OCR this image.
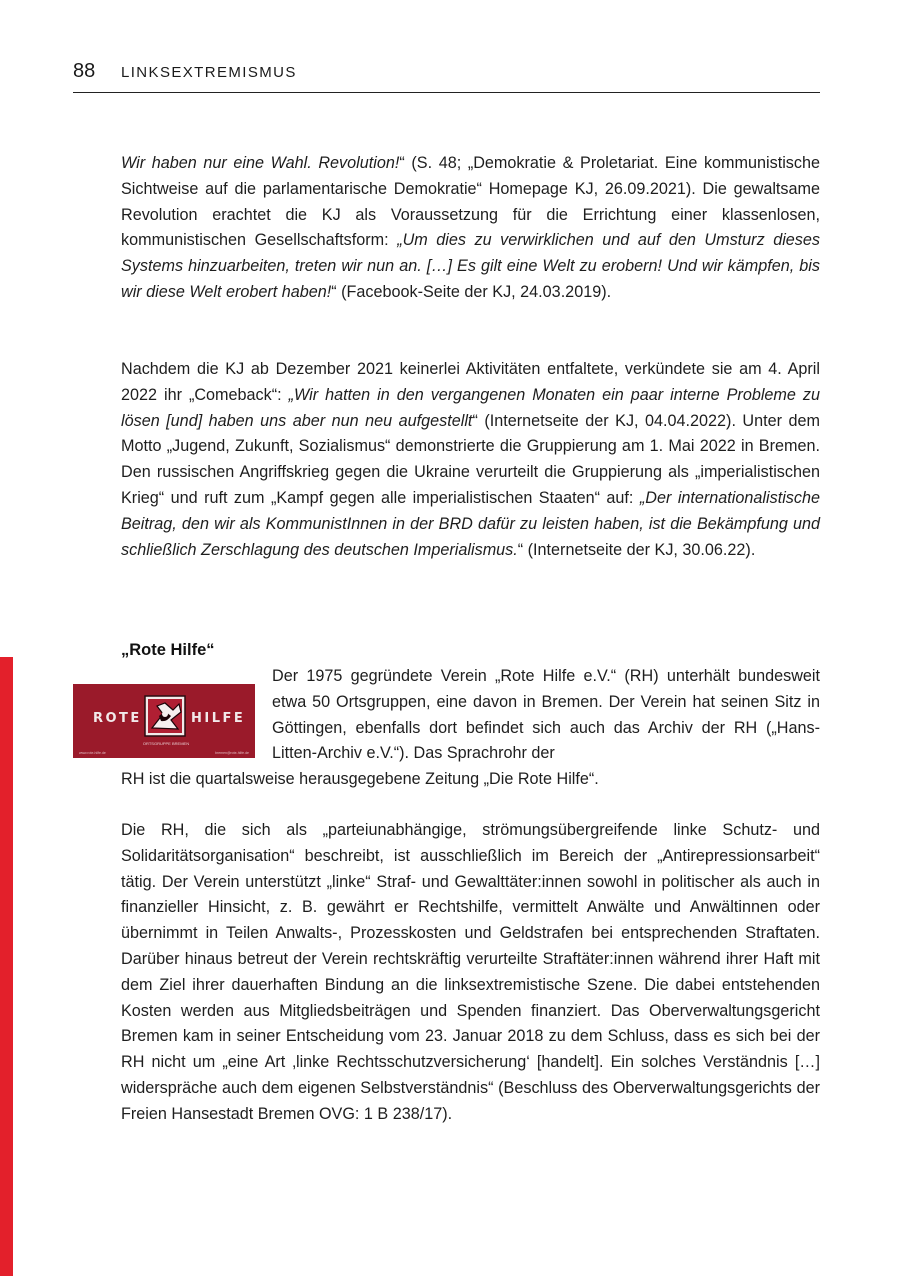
88 LINKSEXTREMISMUS

Wir haben nur eine Wahl. Revolution!“ (S. 48; „Demokratie & Proletariat. Eine kommunistische Sichtweise auf die parlamentarische Demokratie“ Homepage KJ, 26.09.2021). Die gewaltsame Revolution erachtet die KJ als Voraussetzung für die Errichtung einer klassenlosen, kommunistischen Gesellschaftsform: „Um dies zu verwirklichen und auf den Umsturz dieses Systems hinzuarbeiten, treten wir nun an. […] Es gilt eine Welt zu erobern! Und wir kämpfen, bis wir diese Welt erobert haben!“ (Facebook-Seite der KJ, 24.03.2019).

Nachdem die KJ ab Dezember 2021 keinerlei Aktivitäten entfaltete, verkündete sie am 4. April 2022 ihr „Comeback“: „Wir hatten in den vergangenen Monaten ein paar interne Probleme zu lösen [und] haben uns aber nun neu aufgestellt“ (Internetseite der KJ, 04.04.2022). Unter dem Motto „Jugend, Zukunft, Sozialismus“ demonstrierte die Gruppierung am 1. Mai 2022 in Bremen. Den russischen Angriffskrieg gegen die Ukraine verurteilt die Gruppierung als „imperialistischen Krieg“ und ruft zum „Kampf gegen alle imperialistischen Staaten“ auf: „Der internationalistische Beitrag, den wir als KommunistInnen in der BRD dafür zu leisten haben, ist die Bekämpfung und schließlich Zerschlagung des deutschen Imperialismus.“ (Internetseite der KJ, 30.06.22).

„Rote Hilfe“
ROTE	HILFE
ORTSGRUPPE BREMEN
www.rote-hilfe.de	bremen@rote-hilfe.de

Der 1975 gegründete Verein „Rote Hilfe e.V.“ (RH) unterhält bundesweit etwa 50 Ortsgruppen, eine davon in Bremen. Der Verein hat seinen Sitz in Göttingen, ebenfalls dort befindet sich auch das Archiv der RH („Hans-Litten-Archiv e.V.“). Das Sprachrohr der

RH ist die quartalsweise herausgegebene Zeitung „Die Rote Hilfe“.

Die RH, die sich als „parteiunabhängige, strömungsübergreifende linke Schutz- und Solidaritätsorganisation“ beschreibt, ist ausschließlich im Bereich der „Antirepressionsarbeit“ tätig. Der Verein unterstützt „linke“ Straf- und Gewalttäter:innen sowohl in politischer als auch in finanzieller Hinsicht, z. B. gewährt er Rechtshilfe, vermittelt Anwälte und Anwältinnen oder übernimmt in Teilen Anwalts-, Prozesskosten und Geldstrafen bei entsprechenden Straftaten. Darüber hinaus betreut der Verein rechtskräftig verurteilte Straftäter:innen während ihrer Haft mit dem Ziel ihrer dauerhaften Bindung an die linksextremistische Szene. Die dabei entstehenden Kosten werden aus Mitgliedsbeiträgen und Spenden finanziert. Das Oberverwaltungsgericht Bremen kam in seiner Entscheidung vom 23. Januar 2018 zu dem Schluss, dass es sich bei der RH nicht um „eine Art ‚linke Rechtsschutzversicherung‘ [handelt]. Ein solches Verständnis […] widerspräche auch dem eigenen Selbstverständnis“ (Beschluss des Oberverwaltungsgerichts der Freien Hansestadt Bremen OVG: 1 B 238/17).
